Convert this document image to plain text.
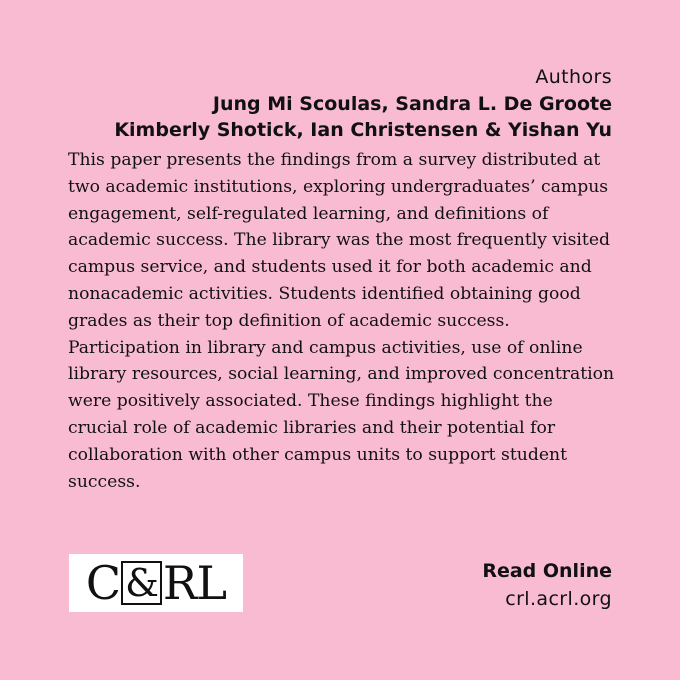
Authors

Jung Mi Scoulas, Sandra L. De Groote

Kimberly Shotick, Ian Christensen & Yishan Yu

This paper presents the findings from a survey distributed at two academic institutions, exploring undergraduates’ campus engagement, self-regulated learning, and definitions of academic success. The library was the most frequently visited campus service, and students used it for both academic and nonacademic activities. Students identified obtaining good grades as their top definition of academic success. Participation in library and campus activities, use of online library resources, social learning, and improved concentration were positively associated. These findings highlight the crucial role of academic libraries and their potential for collaboration with other campus units to support student success.

C & RL	Read Online

crl.acrl.org
